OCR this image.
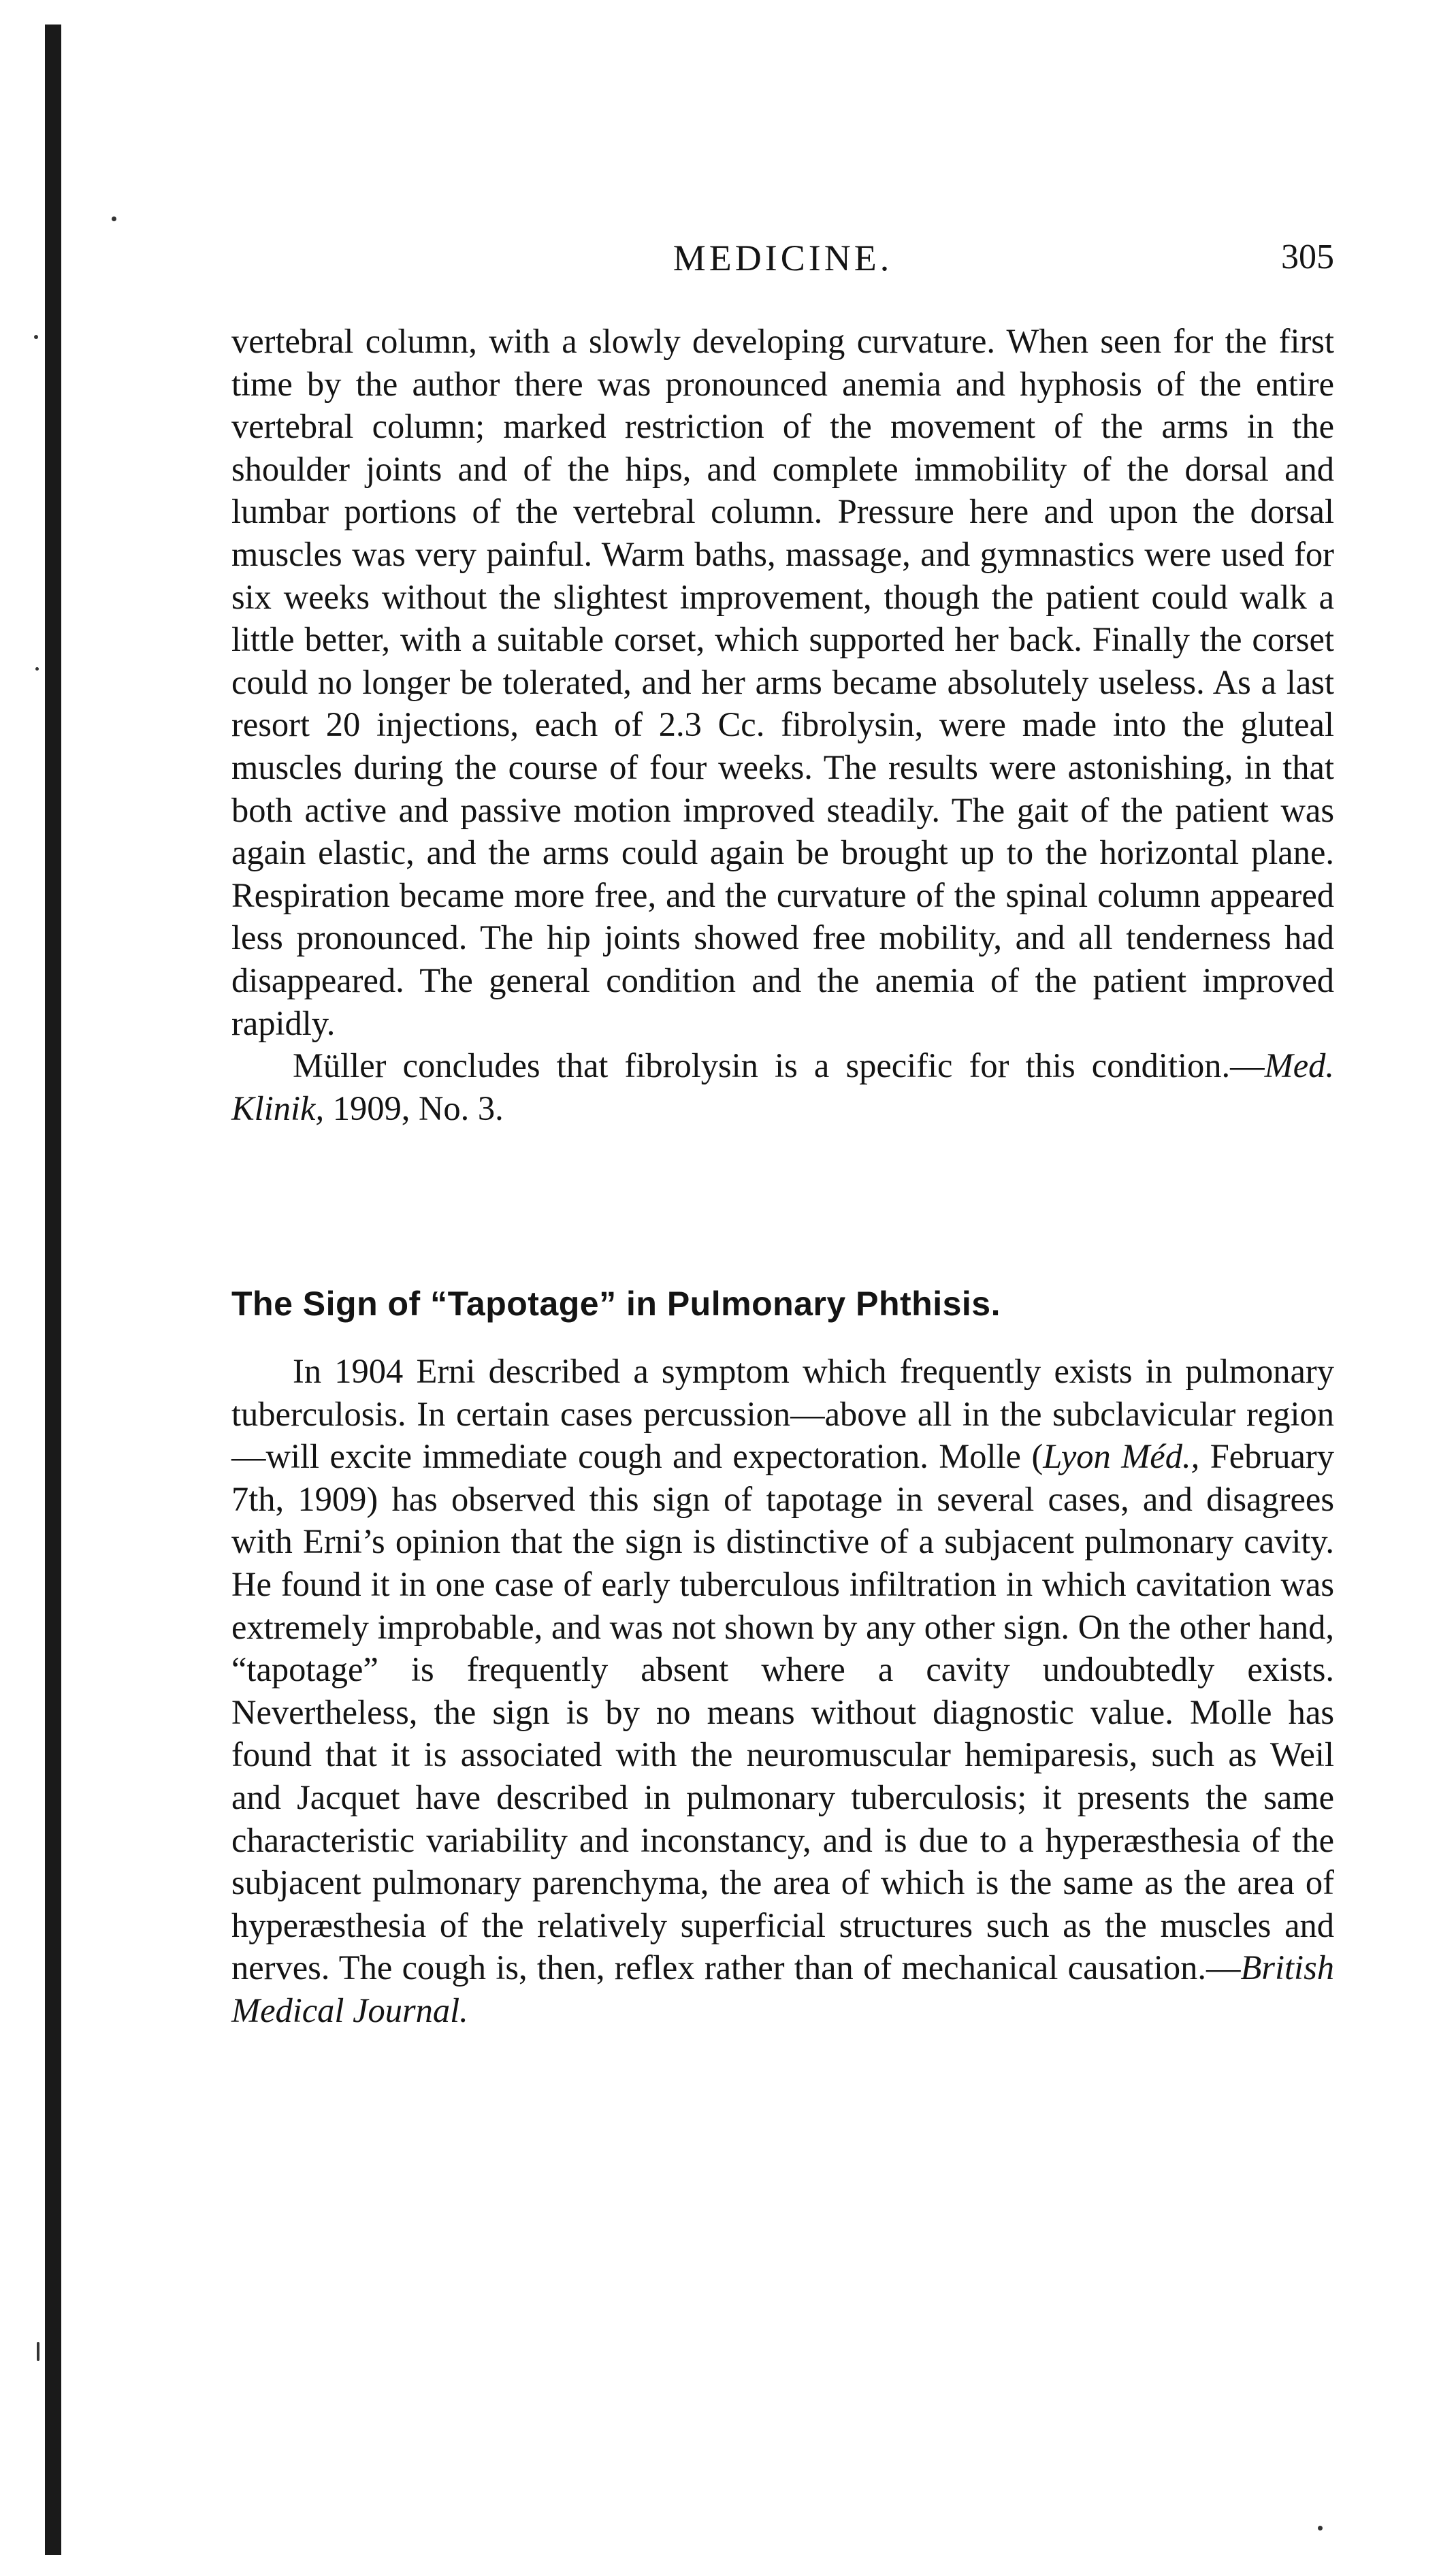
MEDICINE.	305

vertebral column, with a slowly developing curvature. When seen for the first time by the author there was pronounced anemia and hyphosis of the entire vertebral column; marked restriction of the movement of the arms in the shoulder joints and of the hips, and complete immobility of the dorsal and lumbar portions of the vertebral column. Pressure here and upon the dorsal muscles was very painful. Warm baths, massage, and gymnastics were used for six weeks without the slightest improvement, though the patient could walk a little better, with a suitable corset, which supported her back. Finally the corset could no longer be tolerated, and her arms became absolutely useless. As a last resort 20 injections, each of 2.3 Cc. fibrolysin, were made into the gluteal muscles during the course of four weeks. The results were astonishing, in that both active and passive motion improved steadily. The gait of the patient was again elastic, and the arms could again be brought up to the horizontal plane. Respiration became more free, and the curvature of the spinal column appeared less pronounced. The hip joints showed free mobility, and all tenderness had disappeared. The general condition and the anemia of the patient improved rapidly.

Müller concludes that fibrolysin is a specific for this condition.—Med. Klinik, 1909, No. 3.

The Sign of “Tapotage” in Pulmonary Phthisis.

In 1904 Erni described a symptom which frequently exists in pulmonary tuberculosis. In certain cases percussion—above all in the subclavicular region—will excite immediate cough and expectoration. Molle (Lyon Méd., February 7th, 1909) has observed this sign of tapotage in several cases, and disagrees with Erni’s opinion that the sign is distinctive of a subjacent pulmonary cavity. He found it in one case of early tuberculous infiltration in which cavitation was extremely improbable, and was not shown by any other sign. On the other hand, “tapotage” is frequently absent where a cavity undoubtedly exists. Nevertheless, the sign is by no means without diagnostic value. Molle has found that it is associated with the neuromuscular hemiparesis, such as Weil and Jacquet have described in pulmonary tuberculosis; it presents the same characteristic variability and inconstancy, and is due to a hyperæsthesia of the subjacent pulmonary parenchyma, the area of which is the same as the area of hyperæsthesia of the relatively superficial structures such as the muscles and nerves. The cough is, then, reflex rather than of mechanical causation.—British Medical Journal.
